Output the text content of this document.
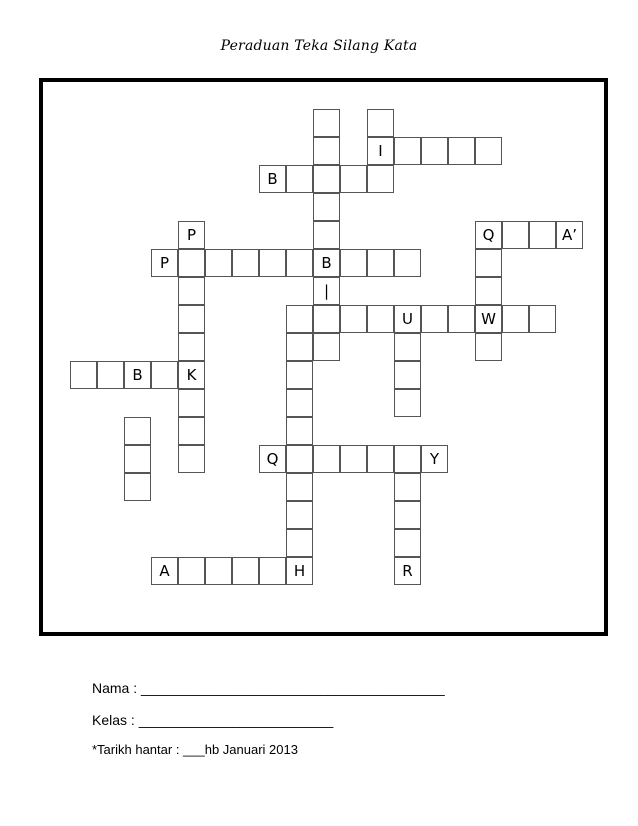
Peraduan Teka Silang Kata
I
B
P	Q	A’
P	B
|
U	W
B	K
Q	Y
A	H	R
Nama : _______________________________________
Kelas : _________________________
*Tarikh hantar : ___hb Januari 2013
